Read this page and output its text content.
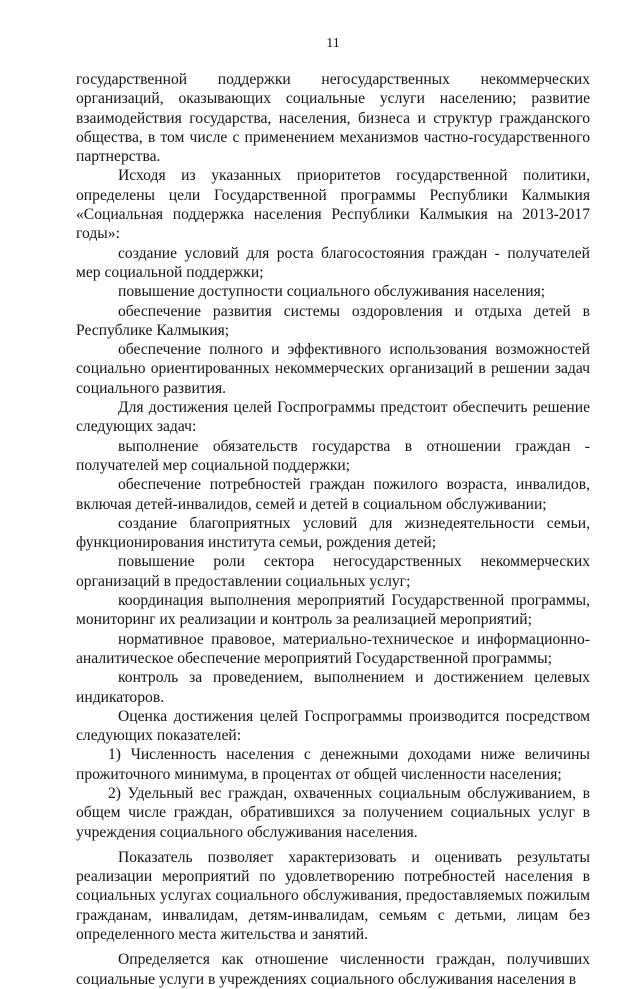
11

государственной поддержки негосударственных некоммерческих организаций, оказывающих социальные услуги населению; развитие взаимодействия государства, населения, бизнеса и структур гражданского общества, в том числе с применением механизмов частно-государственного партнерства.

Исходя из указанных приоритетов государственной политики, определены цели Государственной программы Республики Калмыкия «Социальная поддержка населения Республики Калмыкия на 2013-2017 годы»:

создание условий для роста благосостояния граждан - получателей мер социальной поддержки;

повышение доступности социального обслуживания населения;

обеспечение развития системы оздоровления и отдыха детей в Республике Калмыкия;

обеспечение полного и эффективного использования возможностей социально ориентированных некоммерческих организаций в решении задач социального развития.

Для достижения целей Госпрограммы предстоит обеспечить решение следующих задач:

выполнение обязательств государства в отношении граждан - получателей мер социальной поддержки;

обеспечение потребностей граждан пожилого возраста, инвалидов, включая детей-инвалидов, семей и детей в социальном обслуживании;

создание благоприятных условий для жизнедеятельности семьи, функционирования института семьи, рождения детей;

повышение роли сектора негосударственных некоммерческих организаций в предоставлении социальных услуг;

координация выполнения мероприятий Государственной программы, мониторинг их реализации и контроль за реализацией мероприятий;

нормативное правовое, материально-техническое и информационно-аналитическое обеспечение мероприятий Государственной программы;

контроль за проведением, выполнением и достижением целевых индикаторов.

Оценка достижения целей Госпрограммы производится посредством следующих показателей:

1) Численность населения с денежными доходами ниже величины прожиточного минимума, в процентах от общей численности населения;

2) Удельный вес граждан, охваченных социальным обслуживанием, в общем числе граждан, обратившихся за получением социальных услуг в учреждения социального обслуживания населения.

Показатель позволяет характеризовать и оценивать результаты реализации мероприятий по удовлетворению потребностей населения в социальных услугах социального обслуживания, предоставляемых пожилым гражданам, инвалидам, детям-инвалидам, семьям с детьми, лицам без определенного места жительства и занятий.

Определяется как отношение численности граждан, получивших социальные услуги в учреждениях социального обслуживания населения в
